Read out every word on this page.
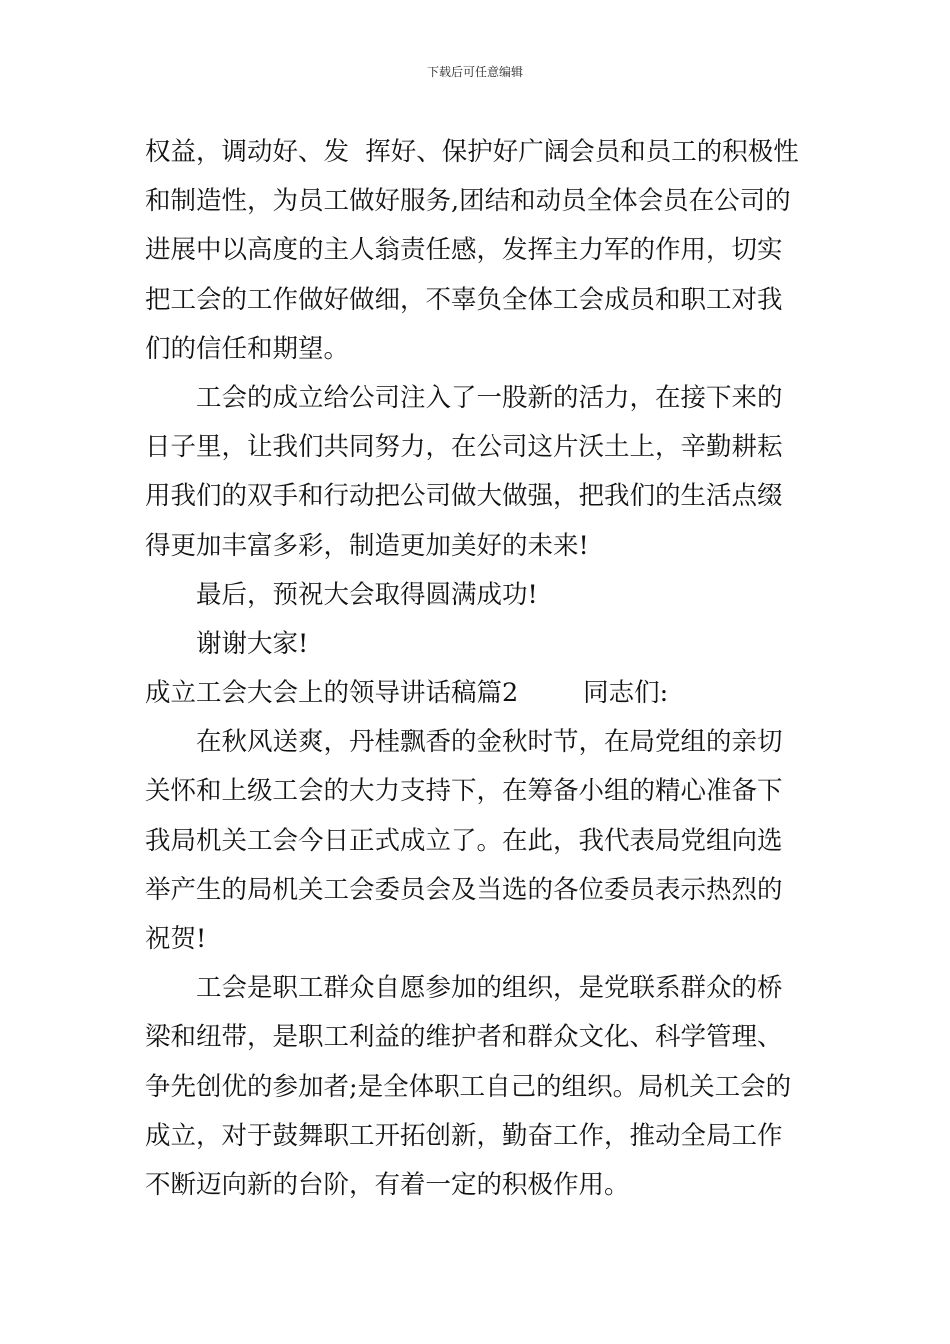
下载后可任意编辑
权益，调动好、发  挥好、保护好广阔会员和员工的积极性
和制造性，为员工做好服务,团结和动员全体会员在公司的
进展中以高度的主人翁责任感，发挥主力军的作用，切实
把工会的工作做好做细，不辜负全体工会成员和职工对我
们的信任和期望。
工会的成立给公司注入了一股新的活力，在接下来的
日子里，让我们共同努力，在公司这片沃土上，辛勤耕耘
用我们的双手和行动把公司做大做强，把我们的生活点缀
得更加丰富多彩，制造更加美好的未来!
最后，预祝大会取得圆满成功!
谢谢大家!
成立工会大会上的领导讲话稿篇2        同志们:
在秋风送爽，丹桂飘香的金秋时节，在局党组的亲切
关怀和上级工会的大力支持下，在筹备小组的精心准备下
我局机关工会今日正式成立了。在此，我代表局党组向选
举产生的局机关工会委员会及当选的各位委员表示热烈的
祝贺!
工会是职工群众自愿参加的组织，是党联系群众的桥
梁和纽带，是职工利益的维护者和群众文化、科学管理、
争先创优的参加者;是全体职工自己的组织。局机关工会的
成立，对于鼓舞职工开拓创新，勤奋工作，推动全局工作
不断迈向新的台阶，有着一定的积极作用。
